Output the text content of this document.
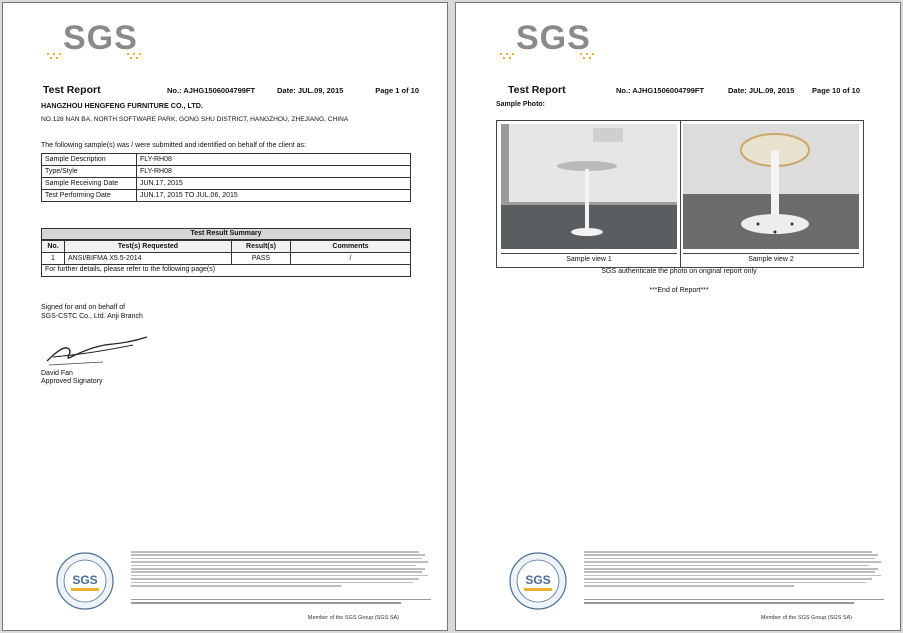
SGS
Test Report	No.: AJHG1506004799FT	Date: JUL.09, 2015	Page 1 of 10
HANGZHOU HENGFENG FURNITURE CO., LTD.
NO.128 NAN BA, NORTH SOFTWARE PARK, GONG SHU DISTRICT, HANGZHOU, ZHEJIANG, CHINA
The following sample(s) was / were submitted and identified on behalf of the client as:
Sample Description	FLY-RH08
Type/Style	FLY-RH08
Sample Receiving Date	JUN.17, 2015
Test Performing Date	JUN.17, 2015 TO JUL.06, 2015
Test Result Summary
No.	Test(s) Requested	Result(s)	Comments
1	ANSI/BIFMA X5.5-2014	PASS	/
For further details, please refer to the following page(s)
Signed for and on behalf of
SGS-CSTC Co., Ltd. Anji Branch
David Fan
Approved Signatory
SGS
Member of the SGS Group (SGS SA)
SGS
Test Report	No.: AJHG1506004799FT	Date: JUL.09, 2015 Page 10 of 10
Sample Photo:
Sample view 1	Sample view 2
SGS authenticate the photo on original report only
***End of Report***
SGS
Member of the SGS Group (SGS SA)
